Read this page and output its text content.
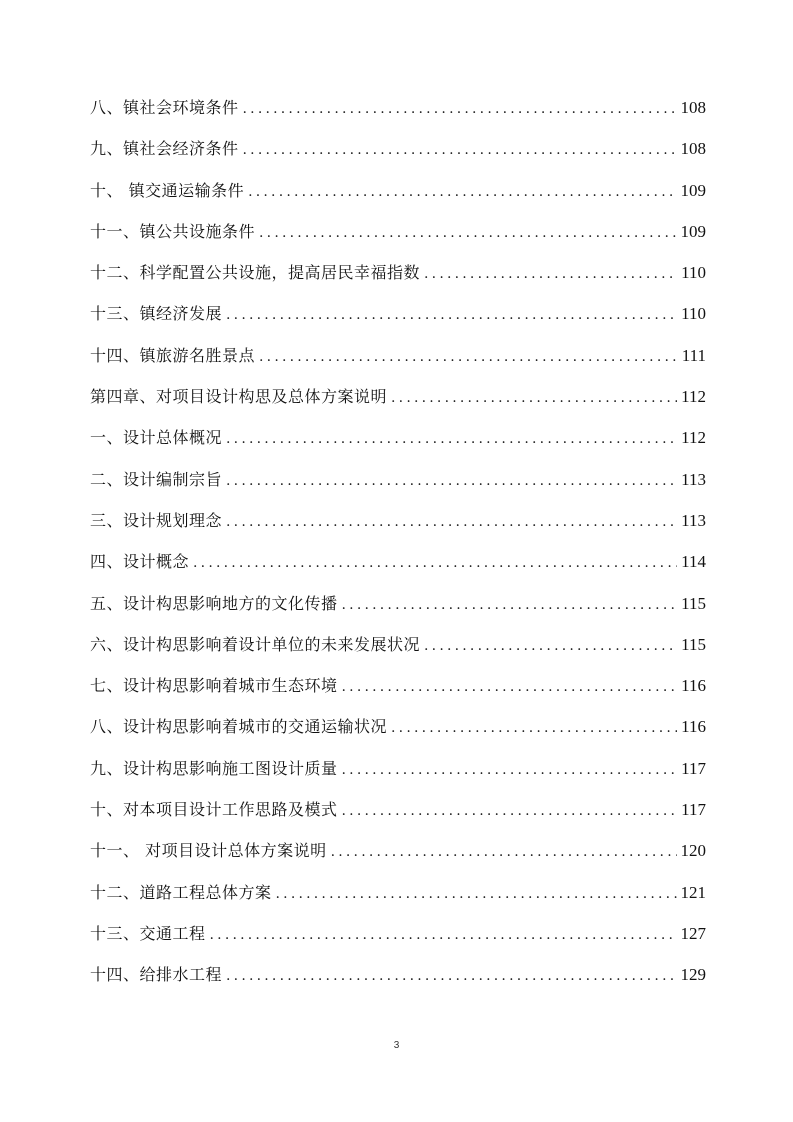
八、镇社会环境条件 .....	108
九、镇社会经济条件 .....	108
十、 镇交通运输条件 .....	109
十一、镇公共设施条件 .....	109
十二、科学配置公共设施，提高居民幸福指数 .....	110
十三、镇经济发展 .....	110
十四、镇旅游名胜景点 .....	111
第四章、对项目设计构思及总体方案说明 .....	112
一、设计总体概况 .....	112
二、设计编制宗旨 .....	113
三、设计规划理念 .....	113
四、设计概念 .....	114
五、设计构思影响地方的文化传播 .....	115
六、设计构思影响着设计单位的未来发展状况 .....	115
七、设计构思影响着城市生态环境 .....	116
八、设计构思影响着城市的交通运输状况 .....	116
九、设计构思影响施工图设计质量 .....	117
十、对本项目设计工作思路及模式 .....	117
十一、 对项目设计总体方案说明 .....	120
十二、道路工程总体方案 .....	121
十三、交通工程 .....	127
十四、给排水工程 .....	129
3
